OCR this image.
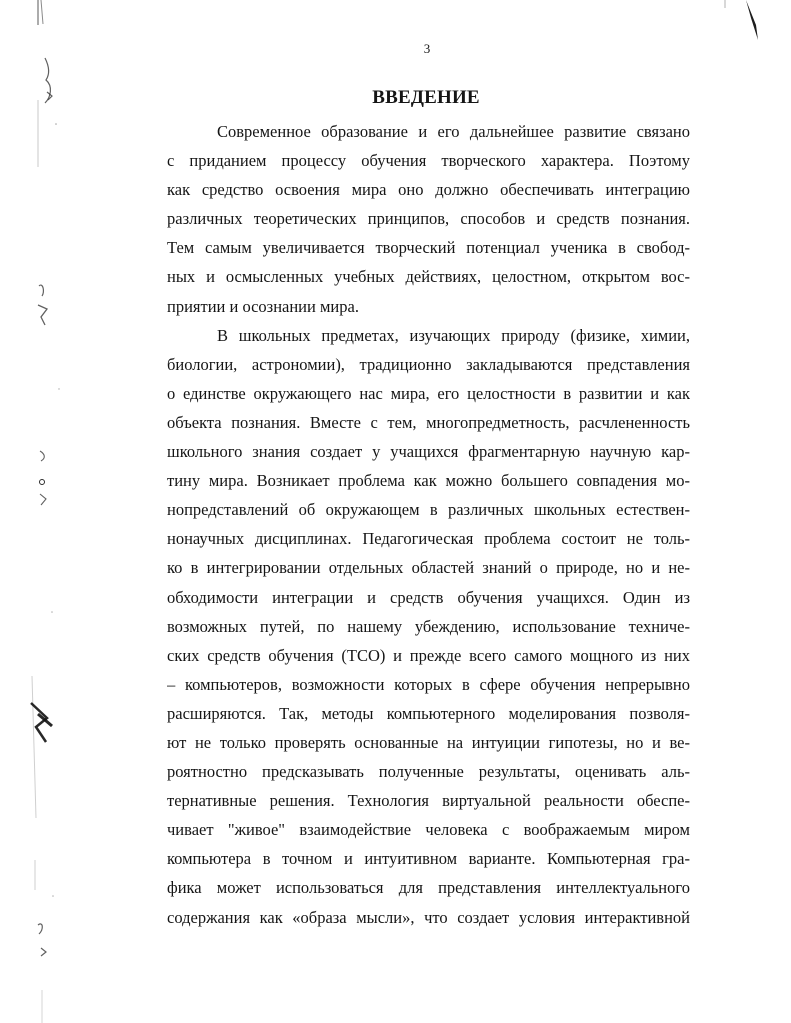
3
ВВЕДЕНИЕ
Современное образование и его дальнейшее развитие связано
с приданием процессу обучения творческого характера. Поэтому
как средство освоения мира оно должно обеспечивать интеграцию
различных теоретических принципов, способов и средств познания.
Тем самым увеличивается творческий потенциал ученика в свобод-
ных и осмысленных учебных действиях, целостном, открытом вос-
приятии и осознании мира.
В школьных предметах, изучающих природу (физике, химии,
биологии, астрономии), традиционно закладываются представления
о единстве окружающего нас мира, его целостности в развитии и как
объекта познания. Вместе с тем, многопредметность, расчлененность
школьного знания создает у учащихся фрагментарную научную кар-
тину мира. Возникает проблема как можно большего совпадения мо-
нопредставлений об окружающем в различных школьных естествен-
нонаучных дисциплинах. Педагогическая проблема состоит не толь-
ко в интегрировании отдельных областей знаний о природе, но и не-
обходимости интеграции и средств обучения учащихся. Один из
возможных путей, по нашему убеждению, использование техниче-
ских средств обучения (ТСО) и прежде всего самого мощного из них
– компьютеров, возможности которых в сфере обучения непрерывно
расширяются. Так, методы компьютерного моделирования позволя-
ют не только проверять основанные на интуиции гипотезы, но и ве-
роятностно предсказывать полученные результаты, оценивать аль-
тернативные решения. Технология виртуальной реальности обеспе-
чивает "живое" взаимодействие человека с воображаемым миром
компьютера в точном и интуитивном варианте. Компьютерная гра-
фика может использоваться для представления интеллектуального
содержания как «образа мысли», что создает условия интерактивной
